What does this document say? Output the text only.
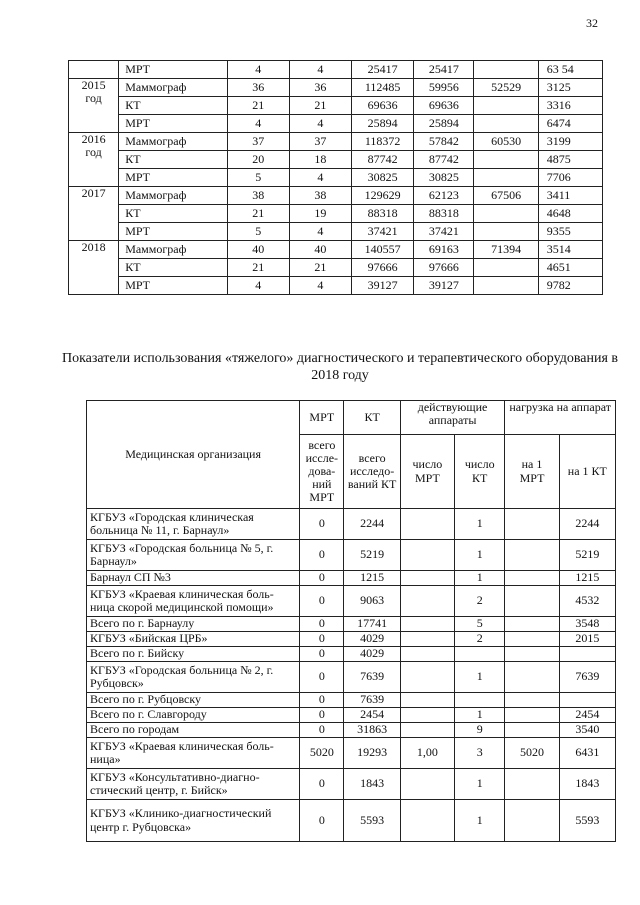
32
	МРТ	4	4	25417	25417		63 54
2015 год	Маммограф	36	36	112485	59956	52529	3125
	КТ	21	21	69636	69636		3316
	МРТ	4	4	25894	25894		6474
2016 год	Маммограф	37	37	118372	57842	60530	3199
	КТ	20	18	87742	87742		4875
	МРТ	5	4	30825	30825		7706
2017	Маммограф	38	38	129629	62123	67506	3411
	КТ	21	19	88318	88318		4648
	МРТ	5	4	37421	37421		9355
2018	Маммограф	40	40	140557	69163	71394	3514
	КТ	21	21	97666	97666		4651
	МРТ	4	4	39127	39127		9782
Показатели использования «тяжелого» диагностического и терапевтического оборудования в 2018 году
Медицинская организация	МРТ	КТ	действующие аппараты		нагрузка на аппарат	
	всего иссле-дова-ний МРТ	всего исследо-ваний КТ	число МРТ	число КТ	на 1 МРТ	на 1 КТ
КГБУЗ «Городская клиническая больница № 11, г. Барнаул»	0	2244		1		2244
КГБУЗ «Городская больница № 5, г. Барнаул»	0	5219		1		5219
Барнаул СП №3	0	1215		1		1215
КГБУЗ «Краевая клиническая боль-ница скорой медицинской помощи»	0	9063		2		4532
Всего по г. Барнаулу	0	17741		5		3548
КГБУЗ «Бийская ЦРБ»	0	4029		2		2015
Всего по г. Бийску	0	4029				
КГБУЗ «Городская больница № 2, г. Рубцовск»	0	7639		1		7639
Всего по г. Рубцовску	0	7639				
Всего по г. Славгороду	0	2454		1		2454
Всего по городам	0	31863		9		3540
КГБУЗ «Краевая клиническая боль-ница»	5020	19293	1,00	3	5020	6431
КГБУЗ «Консультативно-диагно-стический центр, г. Бийск»	0	1843		1		1843
КГБУЗ «Клинико-диагностический центр г. Рубцовска»	0	5593		1		5593
